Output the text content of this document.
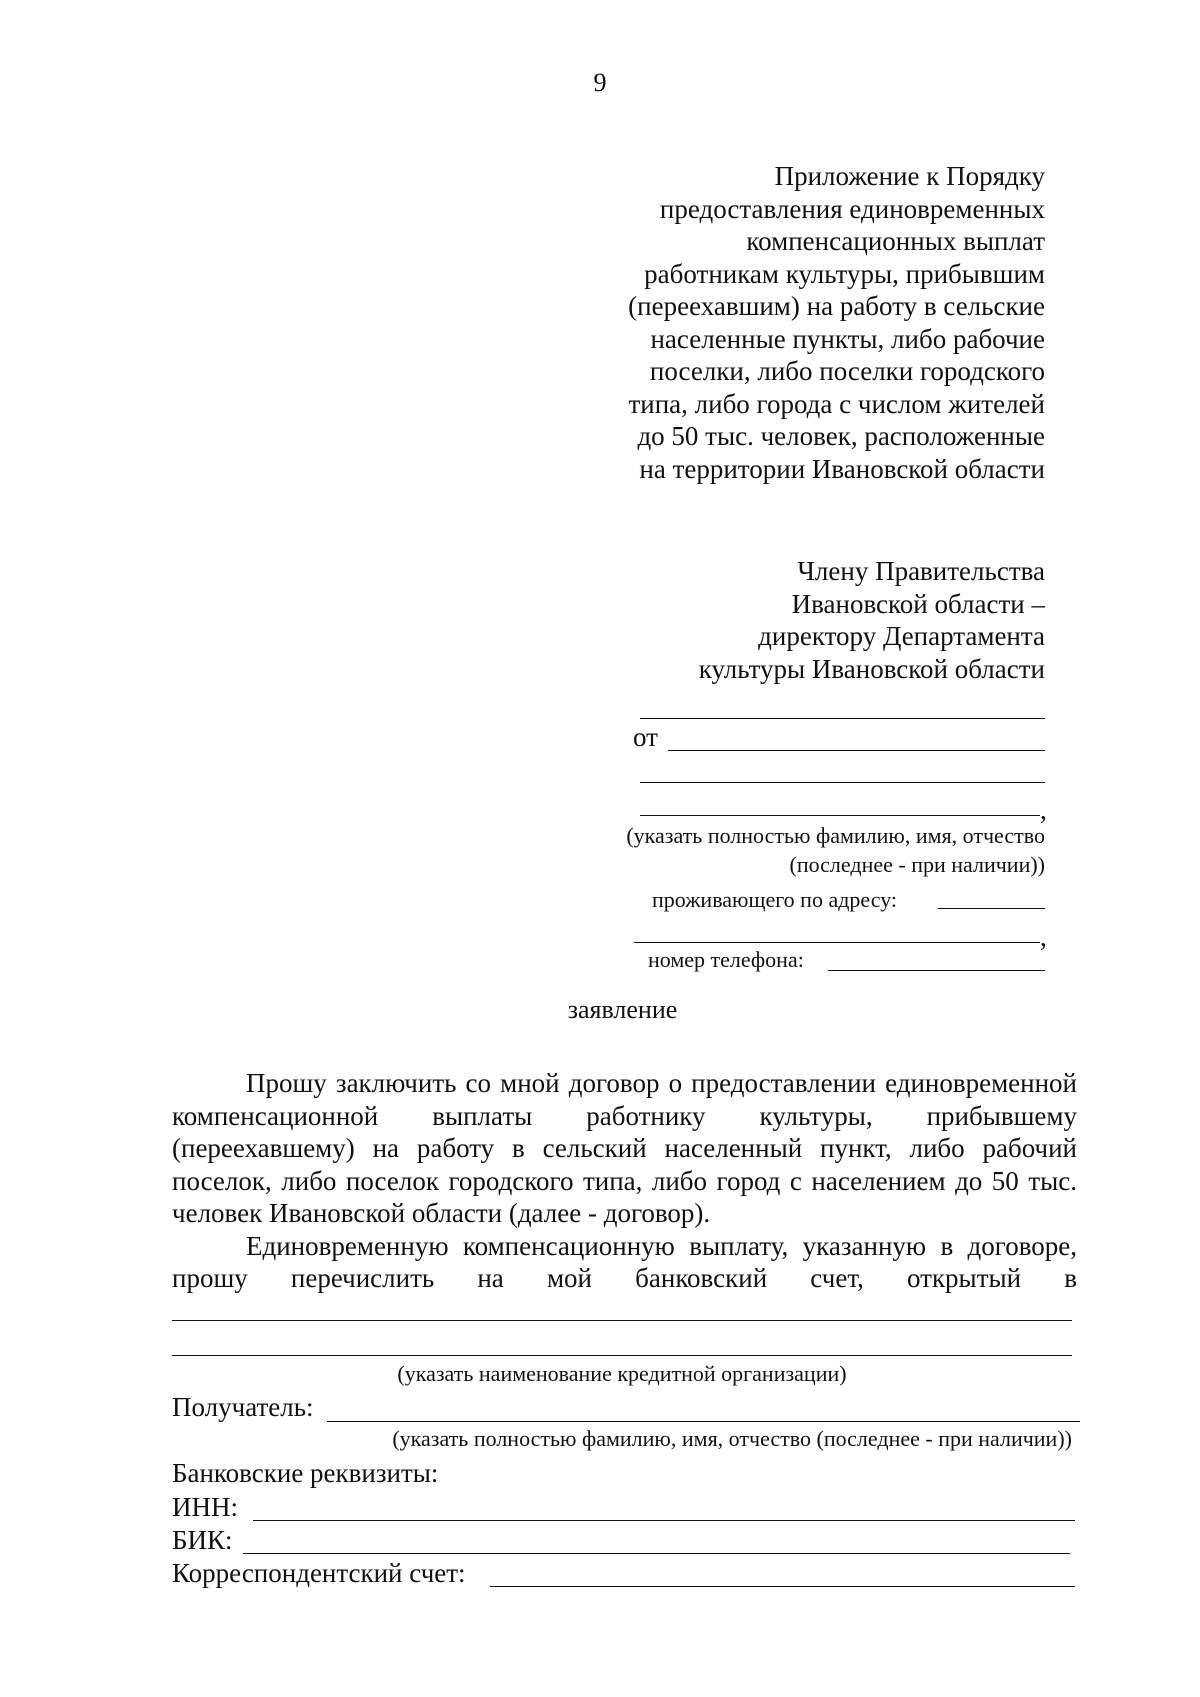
9
Приложение к Порядку
предоставления единовременных
компенсационных выплат
работникам культуры, прибывшим
(переехавшим) на работу в сельские
населенные пункты, либо рабочие
поселки, либо поселки городского
типа, либо города с числом жителей
до 50 тыс. человек, расположенные
на территории Ивановской области
Члену Правительства
Ивановской области –
директору Департамента
культуры Ивановской области
от
,
(указать полностью фамилию, имя, отчество
(последнее - при наличии))
проживающего по адресу:
,
номер телефона:
заявление

Прошу заключить со мной договор о предоставлении единовременной компенсационной выплаты работнику культуры, прибывшему (переехавшему) на работу в сельский населенный пункт, либо рабочий поселок, либо поселок городского типа, либо город с населением до 50 тыс. человек Ивановской области (далее - договор).

Единовременную компенсационную выплату, указанную в договоре, прошу перечислить на мой банковский счет, открытый в

(указать наименование кредитной организации)
Получатель:
(указать полностью фамилию, имя, отчество (последнее - при наличии))
Банковские реквизиты:
ИНН:
БИК:
Корреспондентский счет:
